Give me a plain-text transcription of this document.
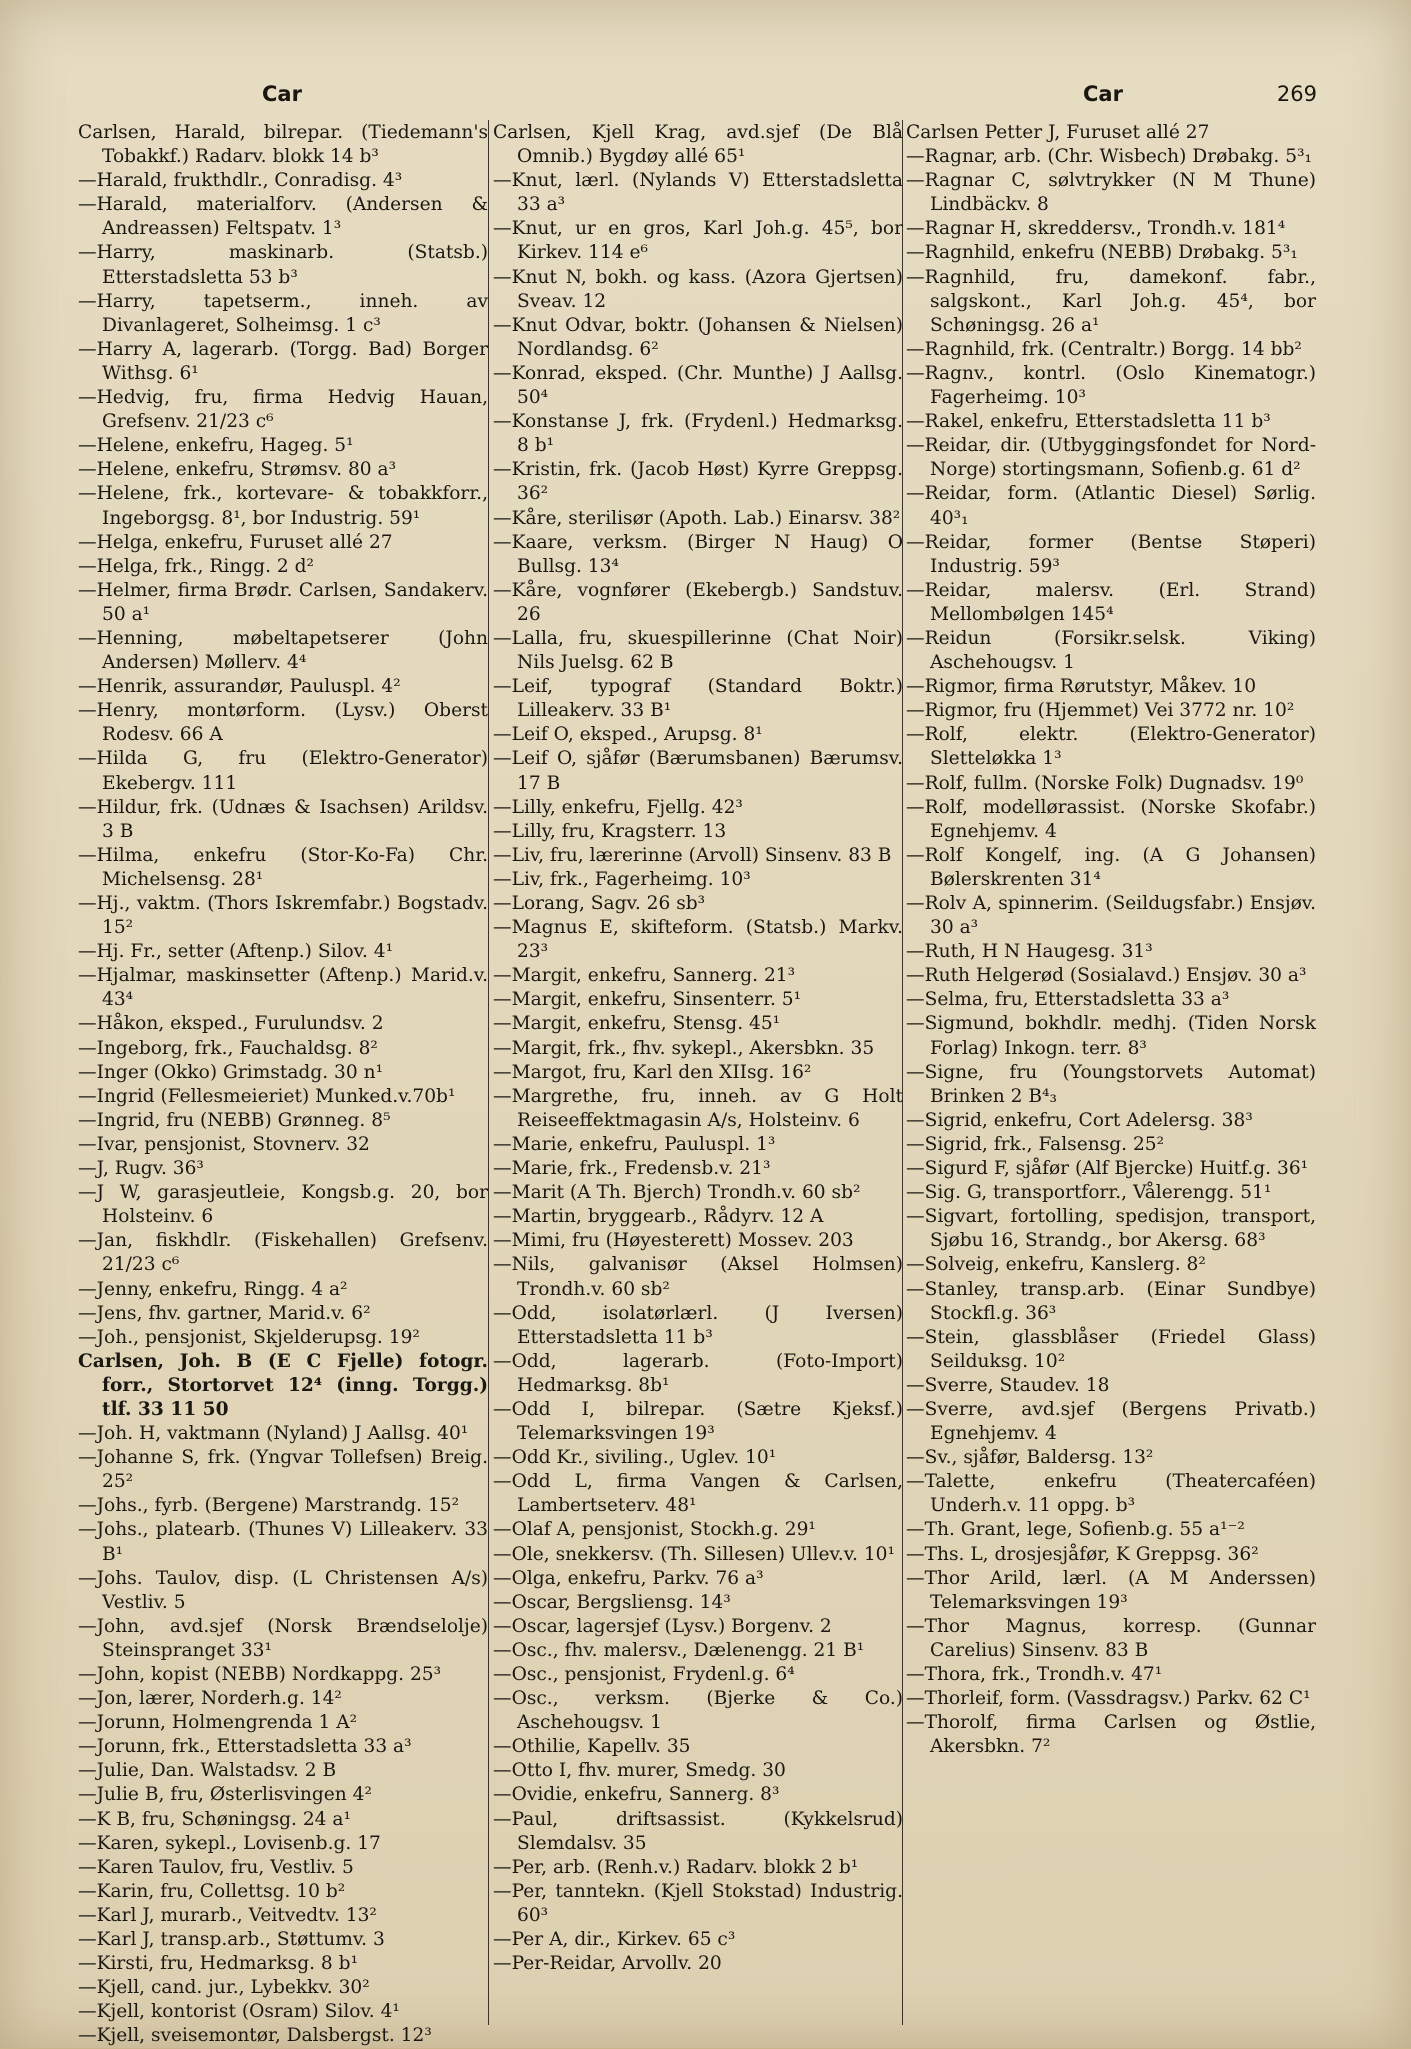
Car	Car	269

Carlsen, Harald, bilrepar. (Tiedemann's Tobakkf.) Radarv. blokk 14 b³

—Harald, frukthdlr., Conradisg. 4³

—Harald, materialforv. (Andersen & Andreassen) Feltspatv. 1³

—Harry, maskinarb. (Statsb.) Etterstadsletta 53 b³

—Harry, tapetserm., inneh. av Divanlageret, Solheimsg. 1 c³

—Harry A, lagerarb. (Torgg. Bad) Borger Withsg. 6¹

—Hedvig, fru, firma Hedvig Hauan, Grefsenv. 21/23 c⁶

—Helene, enkefru, Hageg. 5¹

—Helene, enkefru, Strømsv. 80 a³

—Helene, frk., kortevare- & tobakkforr., Ingeborgsg. 8¹, bor Industrig. 59¹

—Helga, enkefru, Furuset allé 27

—Helga, frk., Ringg. 2 d²

—Helmer, firma Brødr. Carlsen, Sandakerv. 50 a¹

—Henning, møbeltapetserer (John Andersen) Møllerv. 4⁴

—Henrik, assurandør, Pauluspl. 4²

—Henry, montørform. (Lysv.) Oberst Rodesv. 66 A

—Hilda G, fru (Elektro-Generator) Ekebergv. 111

—Hildur, frk. (Udnæs & Isachsen) Arildsv. 3 B

—Hilma, enkefru (Stor-Ko-Fa) Chr. Michelsensg. 28¹

—Hj., vaktm. (Thors Iskremfabr.) Bogstadv. 15²

—Hj. Fr., setter (Aftenp.) Silov. 4¹

—Hjalmar, maskinsetter (Aftenp.) Marid.v. 43⁴

—Håkon, eksped., Furulundsv. 2

—Ingeborg, frk., Fauchaldsg. 8²

—Inger (Okko) Grimstadg. 30 n¹

—Ingrid (Fellesmeieriet) Munked.v.70b¹

—Ingrid, fru (NEBB) Grønneg. 8⁵

—Ivar, pensjonist, Stovnerv. 32

—J, Rugv. 36³

—J W, garasjeutleie, Kongsb.g. 20, bor Holsteinv. 6

—Jan, fiskhdlr. (Fiskehallen) Grefsenv. 21/23 c⁶

—Jenny, enkefru, Ringg. 4 a²

—Jens, fhv. gartner, Marid.v. 6²

—Joh., pensjonist, Skjelderupsg. 19²

Carlsen, Joh. B (E C Fjelle) fotogr. forr., Stortorvet 12⁴ (inng. Torgg.) tlf. 33 11 50

—Joh. H, vaktmann (Nyland) J Aallsg. 40¹

—Johanne S, frk. (Yngvar Tollefsen) Breig. 25²

—Johs., fyrb. (Bergene) Marstrandg. 15²

—Johs., platearb. (Thunes V) Lilleakerv. 33 B¹

—Johs. Taulov, disp. (L Christensen A/s) Vestliv. 5

—John, avd.sjef (Norsk Brændselolje) Steinspranget 33¹

—John, kopist (NEBB) Nordkappg. 25³

—Jon, lærer, Norderh.g. 14²

—Jorunn, Holmengrenda 1 A²

—Jorunn, frk., Etterstadsletta 33 a³

—Julie, Dan. Walstadsv. 2 B

—Julie B, fru, Østerlisvingen 4²

—K B, fru, Schøningsg. 24 a¹

—Karen, sykepl., Lovisenb.g. 17

—Karen Taulov, fru, Vestliv. 5

—Karin, fru, Collettsg. 10 b²

—Karl J, murarb., Veitvedtv. 13²

—Karl J, transp.arb., Støttumv. 3

—Kirsti, fru, Hedmarksg. 8 b¹

—Kjell, cand. jur., Lybekkv. 30²

—Kjell, kontorist (Osram) Silov. 4¹

—Kjell, sveisemontør, Dalsbergst. 12³

Carlsen, Kjell Krag, avd.sjef (De Blå Omnib.) Bygdøy allé 65¹

—Knut, lærl. (Nylands V) Etterstadsletta 33 a³

—Knut, ur en gros, Karl Joh.g. 45⁵, bor Kirkev. 114 e⁶

—Knut N, bokh. og kass. (Azora Gjertsen) Sveav. 12

—Knut Odvar, boktr. (Johansen & Nielsen) Nordlandsg. 6²

—Konrad, eksped. (Chr. Munthe) J Aallsg. 50⁴

—Konstanse J, frk. (Frydenl.) Hedmarksg. 8 b¹

—Kristin, frk. (Jacob Høst) Kyrre Greppsg. 36²

—Kåre, sterilisør (Apoth. Lab.) Einarsv. 38²

—Kaare, verksm. (Birger N Haug) O Bullsg. 13⁴

—Kåre, vognfører (Ekebergb.) Sandstuv. 26

—Lalla, fru, skuespillerinne (Chat Noir) Nils Juelsg. 62 B

—Leif, typograf (Standard Boktr.) Lilleakerv. 33 B¹

—Leif O, eksped., Arupsg. 8¹

—Leif O, sjåfør (Bærumsbanen) Bærumsv. 17 B

—Lilly, enkefru, Fjellg. 42³

—Lilly, fru, Kragsterr. 13

—Liv, fru, lærerinne (Arvoll) Sinsenv. 83 B

—Liv, frk., Fagerheimg. 10³

—Lorang, Sagv. 26 sb³

—Magnus E, skifteform. (Statsb.) Markv. 23³

—Margit, enkefru, Sannerg. 21³

—Margit, enkefru, Sinsenterr. 5¹

—Margit, enkefru, Stensg. 45¹

—Margit, frk., fhv. sykepl., Akersbkn. 35

—Margot, fru, Karl den XIIsg. 16²

—Margrethe, fru, inneh. av G Holt Reiseeffektmagasin A/s, Holsteinv. 6

—Marie, enkefru, Pauluspl. 1³

—Marie, frk., Fredensb.v. 21³

—Marit (A Th. Bjerch) Trondh.v. 60 sb²

—Martin, bryggearb., Rådyrv. 12 A

—Mimi, fru (Høyesterett) Mossev. 203

—Nils, galvanisør (Aksel Holmsen) Trondh.v. 60 sb²

—Odd, isolatørlærl. (J Iversen) Etterstadsletta 11 b³

—Odd, lagerarb. (Foto-Import) Hedmarksg. 8b¹

—Odd I, bilrepar. (Sætre Kjeksf.) Telemarksvingen 19³

—Odd Kr., siviling., Uglev. 10¹

—Odd L, firma Vangen & Carlsen, Lambertseterv. 48¹

—Olaf A, pensjonist, Stockh.g. 29¹

—Ole, snekkersv. (Th. Sillesen) Ullev.v. 10¹

—Olga, enkefru, Parkv. 76 a³

—Oscar, Bergsliensg. 14³

—Oscar, lagersjef (Lysv.) Borgenv. 2

—Osc., fhv. malersv., Dælenengg. 21 B¹

—Osc., pensjonist, Frydenl.g. 6⁴

—Osc., verksm. (Bjerke & Co.) Aschehougsv. 1

—Othilie, Kapellv. 35

—Otto I, fhv. murer, Smedg. 30

—Ovidie, enkefru, Sannerg. 8³

—Paul, driftsassist. (Kykkelsrud) Slemdalsv. 35

—Per, arb. (Renh.v.) Radarv. blokk 2 b¹

—Per, tanntekn. (Kjell Stokstad) Industrig. 60³

—Per A, dir., Kirkev. 65 c³

—Per-Reidar, Arvollv. 20

Carlsen Petter J, Furuset allé 27

—Ragnar, arb. (Chr. Wisbech) Drøbakg. 5³₁

—Ragnar C, sølvtrykker (N M Thune) Lindbäckv. 8

—Ragnar H, skreddersv., Trondh.v. 181⁴

—Ragnhild, enkefru (NEBB) Drøbakg. 5³₁

—Ragnhild, fru, damekonf. fabr., salgskont., Karl Joh.g. 45⁴, bor Schøningsg. 26 a¹

—Ragnhild, frk. (Centraltr.) Borgg. 14 bb²

—Ragnv., kontrl. (Oslo Kinematogr.) Fagerheimg. 10³

—Rakel, enkefru, Etterstadsletta 11 b³

—Reidar, dir. (Utbyggingsfondet for Nord-Norge) stortingsmann, Sofienb.g. 61 d²

—Reidar, form. (Atlantic Diesel) Sørlig. 40³₁

—Reidar, former (Bentse Støperi) Industrig. 59³

—Reidar, malersv. (Erl. Strand) Mellombølgen 145⁴

—Reidun (Forsikr.selsk. Viking) Aschehougsv. 1

—Rigmor, firma Rørutstyr, Måkev. 10

—Rigmor, fru (Hjemmet) Vei 3772 nr. 10²

—Rolf, elektr. (Elektro-Generator) Sletteløkka 1³

—Rolf, fullm. (Norske Folk) Dugnadsv. 19⁰

—Rolf, modellørassist. (Norske Skofabr.) Egnehjemv. 4

—Rolf Kongelf, ing. (A G Johansen) Bølerskrenten 31⁴

—Rolv A, spinnerim. (Seildugsfabr.) Ensjøv. 30 a³

—Ruth, H N Haugesg. 31³

—Ruth Helgerød (Sosialavd.) Ensjøv. 30 a³

—Selma, fru, Etterstadsletta 33 a³

—Sigmund, bokhdlr. medhj. (Tiden Norsk Forlag) Inkogn. terr. 8³

—Signe, fru (Youngstorvets Automat) Brinken 2 B⁴₃

—Sigrid, enkefru, Cort Adelersg. 38³

—Sigrid, frk., Falsensg. 25²

—Sigurd F, sjåfør (Alf Bjercke) Huitf.g. 36¹

—Sig. G, transportforr., Vålerengg. 51¹

—Sigvart, fortolling, spedisjon, transport, Sjøbu 16, Strandg., bor Akersg. 68³

—Solveig, enkefru, Kanslerg. 8²

—Stanley, transp.arb. (Einar Sundbye) Stockfl.g. 36³

—Stein, glassblåser (Friedel Glass) Seilduksg. 10²

—Sverre, Staudev. 18

—Sverre, avd.sjef (Bergens Privatb.) Egnehjemv. 4

—Sv., sjåfør, Baldersg. 13²

—Talette, enkefru (Theatercaféen) Underh.v. 11 oppg. b³

—Th. Grant, lege, Sofienb.g. 55 a¹⁻²

—Ths. L, drosjesjåfør, K Greppsg. 36²

—Thor Arild, lærl. (A M Anderssen) Telemarksvingen 19³

—Thor Magnus, korresp. (Gunnar Carelius) Sinsenv. 83 B

—Thora, frk., Trondh.v. 47¹

—Thorleif, form. (Vassdragsv.) Parkv. 62 C¹

—Thorolf, firma Carlsen og Østlie, Akersbkn. 7²
